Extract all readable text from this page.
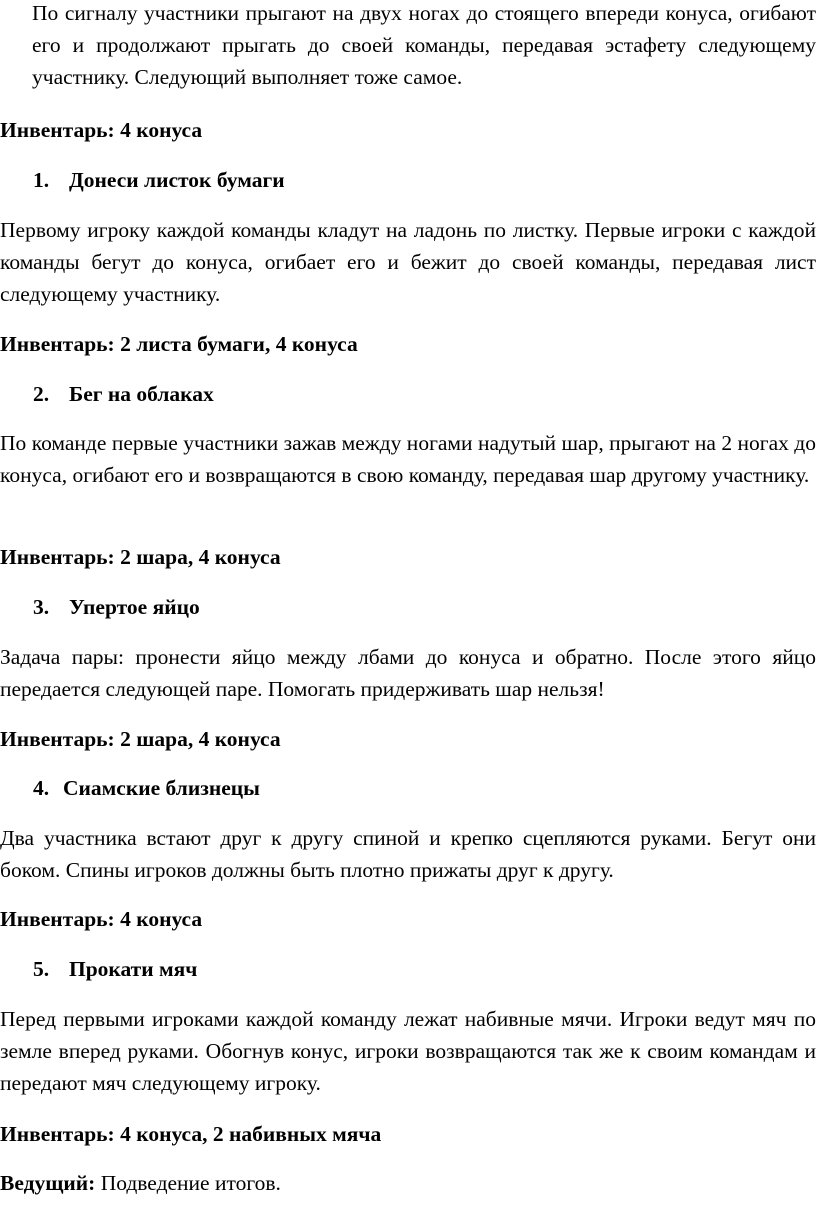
По сигналу участники прыгают на двух ногах до стоящего впереди конуса, огибают его и продолжают прыгать до своей команды, передавая эстафету следующему участнику. Следующий выполняет тоже самое.

Инвентарь: 4 конуса

1. Донеси листок бумаги

Первому игроку каждой команды кладут на ладонь по листку. Первые игроки с каждой команды бегут до конуса, огибает его и бежит до своей команды, передавая лист следующему участнику.

Инвентарь: 2 листа бумаги, 4 конуса

2. Бег на облаках

По команде первые участники зажав между ногами надутый шар, прыгают на 2 ногах до конуса, огибают его и возвращаются в свою команду, передавая шар другому участнику.

Инвентарь: 2 шара, 4 конуса

3. Упертое яйцо

Задача пары: пронести яйцо между лбами до конуса и обратно. После этого яйцо передается следующей паре. Помогать придерживать шар нельзя!

Инвентарь: 2 шара, 4 конуса

4. Сиамские близнецы

Два участника встают друг к другу спиной и крепко сцепляются руками. Бегут они боком. Спины игроков должны быть плотно прижаты друг к другу.

Инвентарь: 4 конуса

5. Прокати мяч

Перед первыми игроками каждой команду лежат набивные мячи. Игроки ведут мяч по земле вперед руками. Обогнув конус, игроки возвращаются так же к своим командам и передают мяч следующему игроку.

Инвентарь: 4 конуса, 2 набивных мяча

Ведущий: Подведение итогов.
